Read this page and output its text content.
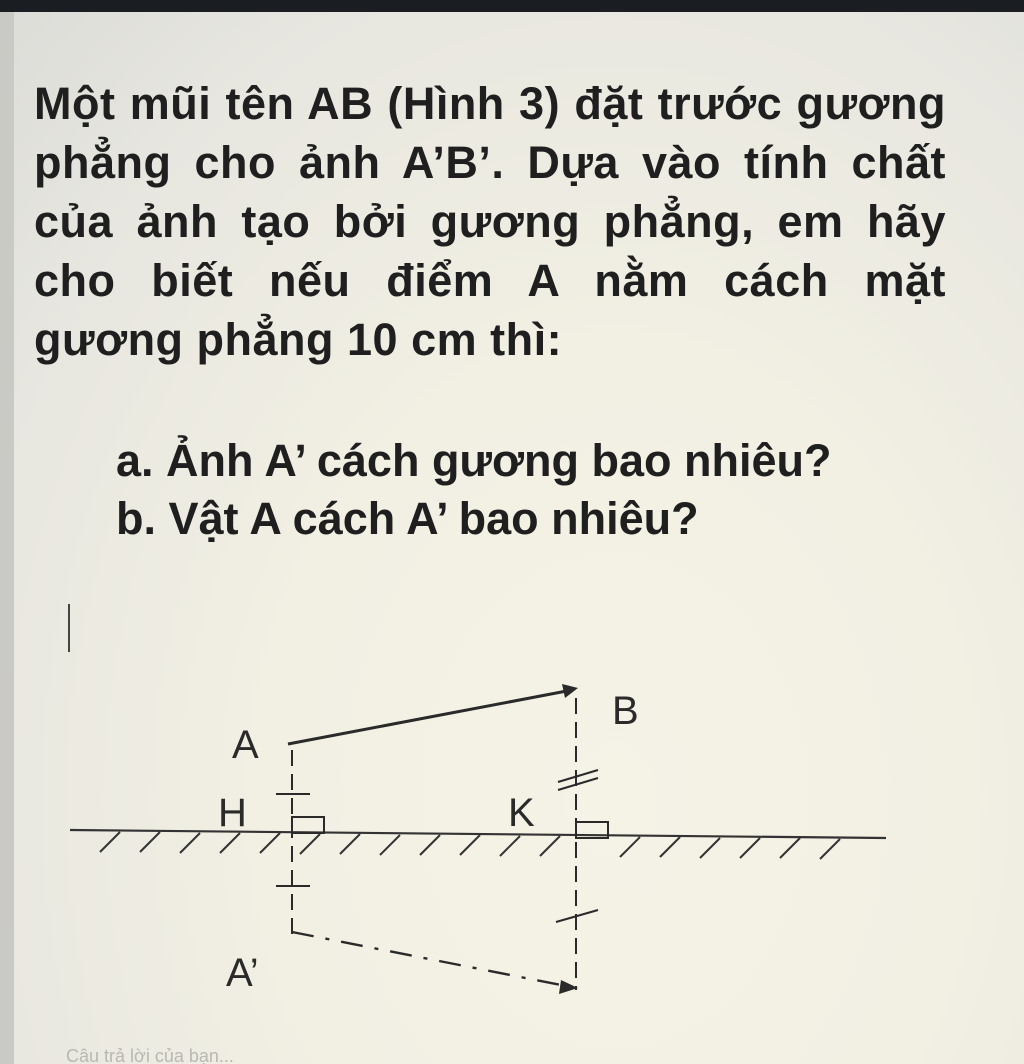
Một mũi tên AB (Hình 3) đặt trước gương phẳng cho ảnh A’B’. Dựa vào tính chất của ảnh tạo bởi gương phẳng, em hãy cho biết nếu điểm A nằm cách mặt gương phẳng 10 cm thì:

a. Ảnh A’ cách gương bao nhiêu?
b. Vật A cách A’ bao nhiêu?
A
B
H	K
A’
Câu trả lời của bạn...
